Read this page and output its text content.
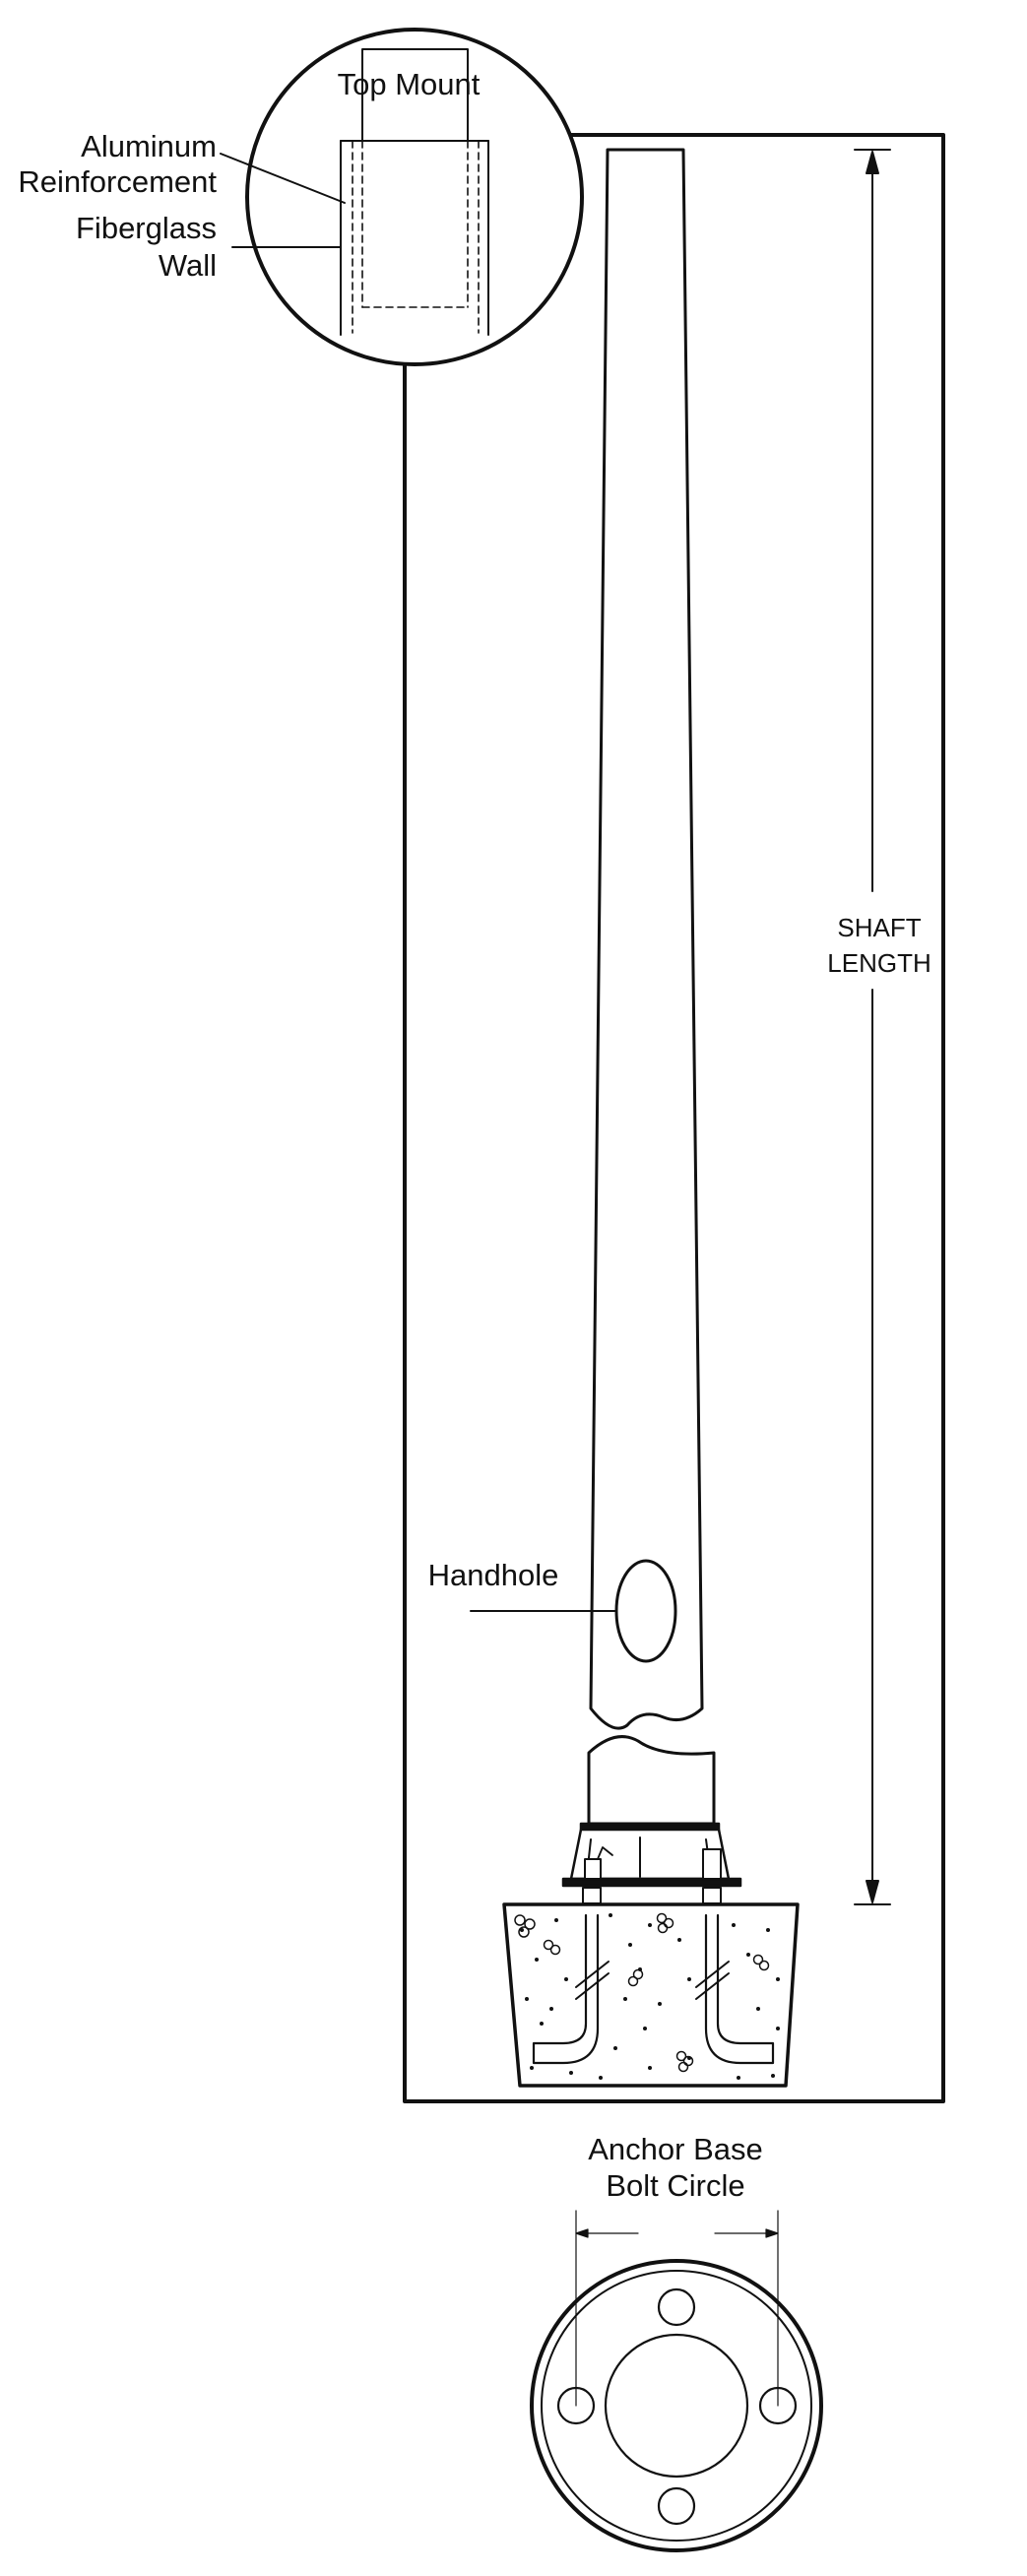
Top Mount
Aluminum
Reinforcement
Fiberglass
Wall
SHAFT
LENGTH
Handhole
Anchor Base
Bolt Circle
